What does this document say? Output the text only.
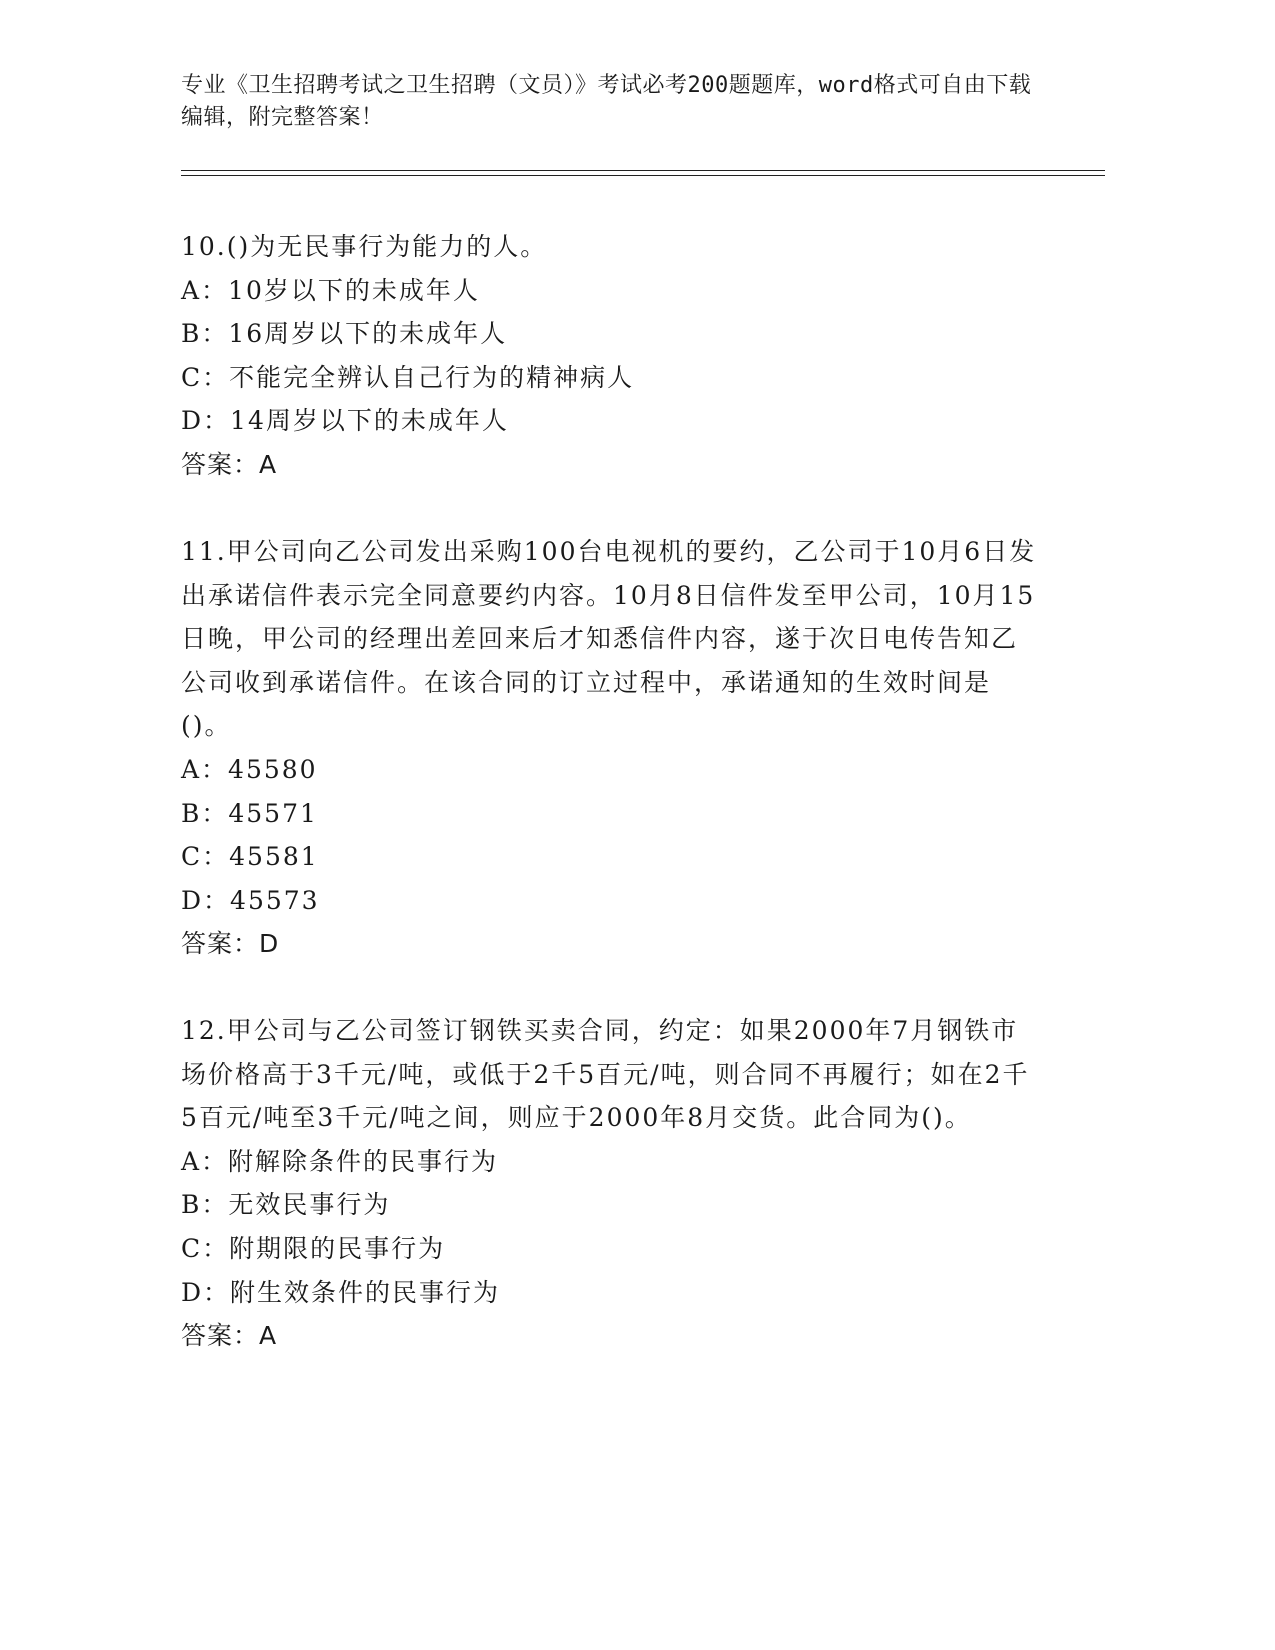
专业《卫生招聘考试之卫生招聘（文员）》考试必考200题题库，word格式可自由下载编辑，附完整答案！
10.()为无民事行为能力的人。
A：10岁以下的未成年人
B：16周岁以下的未成年人
C：不能完全辨认自己行为的精神病人
D：14周岁以下的未成年人
答案：A
11.甲公司向乙公司发出采购100台电视机的要约，乙公司于10月6日发出承诺信件表示完全同意要约内容。10月8日信件发至甲公司，10月15日晚，甲公司的经理出差回来后才知悉信件内容，遂于次日电传告知乙公司收到承诺信件。在该合同的订立过程中，承诺通知的生效时间是()。
A：45580
B：45571
C：45581
D：45573
答案：D
12.甲公司与乙公司签订钢铁买卖合同，约定：如果2000年7月钢铁市场价格高于3千元/吨，或低于2千5百元/吨，则合同不再履行；如在2千5百元/吨至3千元/吨之间，则应于2000年8月交货。此合同为()。
A：附解除条件的民事行为
B：无效民事行为
C：附期限的民事行为
D：附生效条件的民事行为
答案：A
